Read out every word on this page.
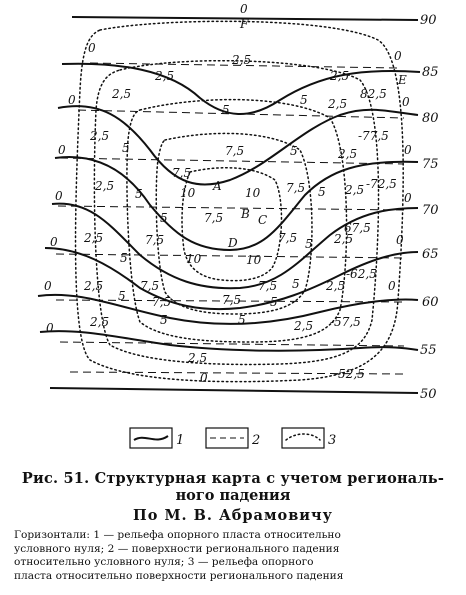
90
85
80
75
70
65
60
55
50
0
0
0
0	0
0	0
0	0
0	0
0	0
0
0
2,5
2,5	2,5
82,5
2,5
5
5 2,5
-77,5
2,5
5	7,5	5	2,5
7,5
-72,5
2,5
5	10	10 7,5 5 2,5
5	7,5
67,5
2,5	7,5	7,5 5 2,5
5	10	10
-62,5
2,5	7,5	7,5 5 2,5
5 7,5	7,5 5
-57,5
2,5	5	5	2,5
2,5
-52,5
A
B C
D
E
F
1	2	3
Рис. 51. Структурная карта с учетом региональ-
ного падения
По М. В. Абрамовичу
Горизонтали: 1 — рельефа опорного пласта относительно
условного нуля; 2 — поверхности регионального падения
относительно условного нуля; 3 — рельефа опорного
пласта относительно поверхности регионального падения
